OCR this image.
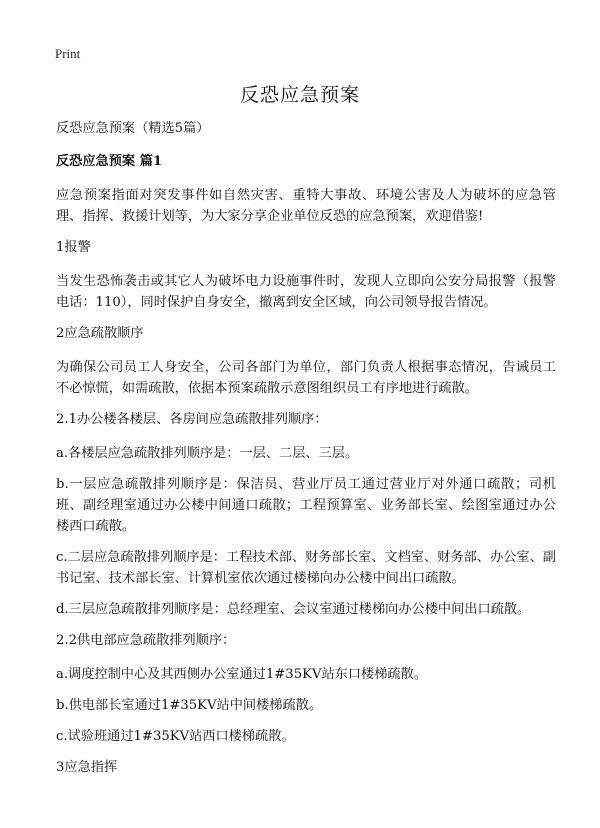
Print
反恐应急预案
反恐应急预案（精选5篇）
反恐应急预案 篇1

应急预案指面对突发事件如自然灾害、重特大事故、环境公害及人为破坏的应急管理、指挥、救援计划等，为大家分享企业单位反恐的应急预案，欢迎借鉴!

1报警

当发生恐怖袭击或其它人为破坏电力设施事件时，发现人立即向公安分局报警（报警电话：110），同时保护自身安全，撤离到安全区域，向公司领导报告情况。

2应急疏散顺序

为确保公司员工人身安全，公司各部门为单位，部门负责人根据事态情况，告诫员工不必惊慌，如需疏散，依据本预案疏散示意图组织员工有序地进行疏散。

2.1办公楼各楼层、各房间应急疏散排列顺序：

a.各楼层应急疏散排列顺序是：一层、二层、三层。

b.一层应急疏散排列顺序是：保洁员、营业厅员工通过营业厅对外通口疏散；司机班、副经理室通过办公楼中间通口疏散；工程预算室、业务部长室、绘图室通过办公楼西口疏散。

c.二层应急疏散排列顺序是：工程技术部、财务部长室、文档室、财务部、办公室、副书记室、技术部长室、计算机室依次通过楼梯向办公楼中间出口疏散。

d.三层应急疏散排列顺序是：总经理室、会议室通过楼梯向办公楼中间出口疏散。

2.2供电部应急疏散排列顺序：

a.调度控制中心及其西侧办公室通过1#35KV站东口楼梯疏散。

b.供电部长室通过1#35KV站中间楼梯疏散。

c.试验班通过1#35KV站西口楼梯疏散。

3应急指挥
